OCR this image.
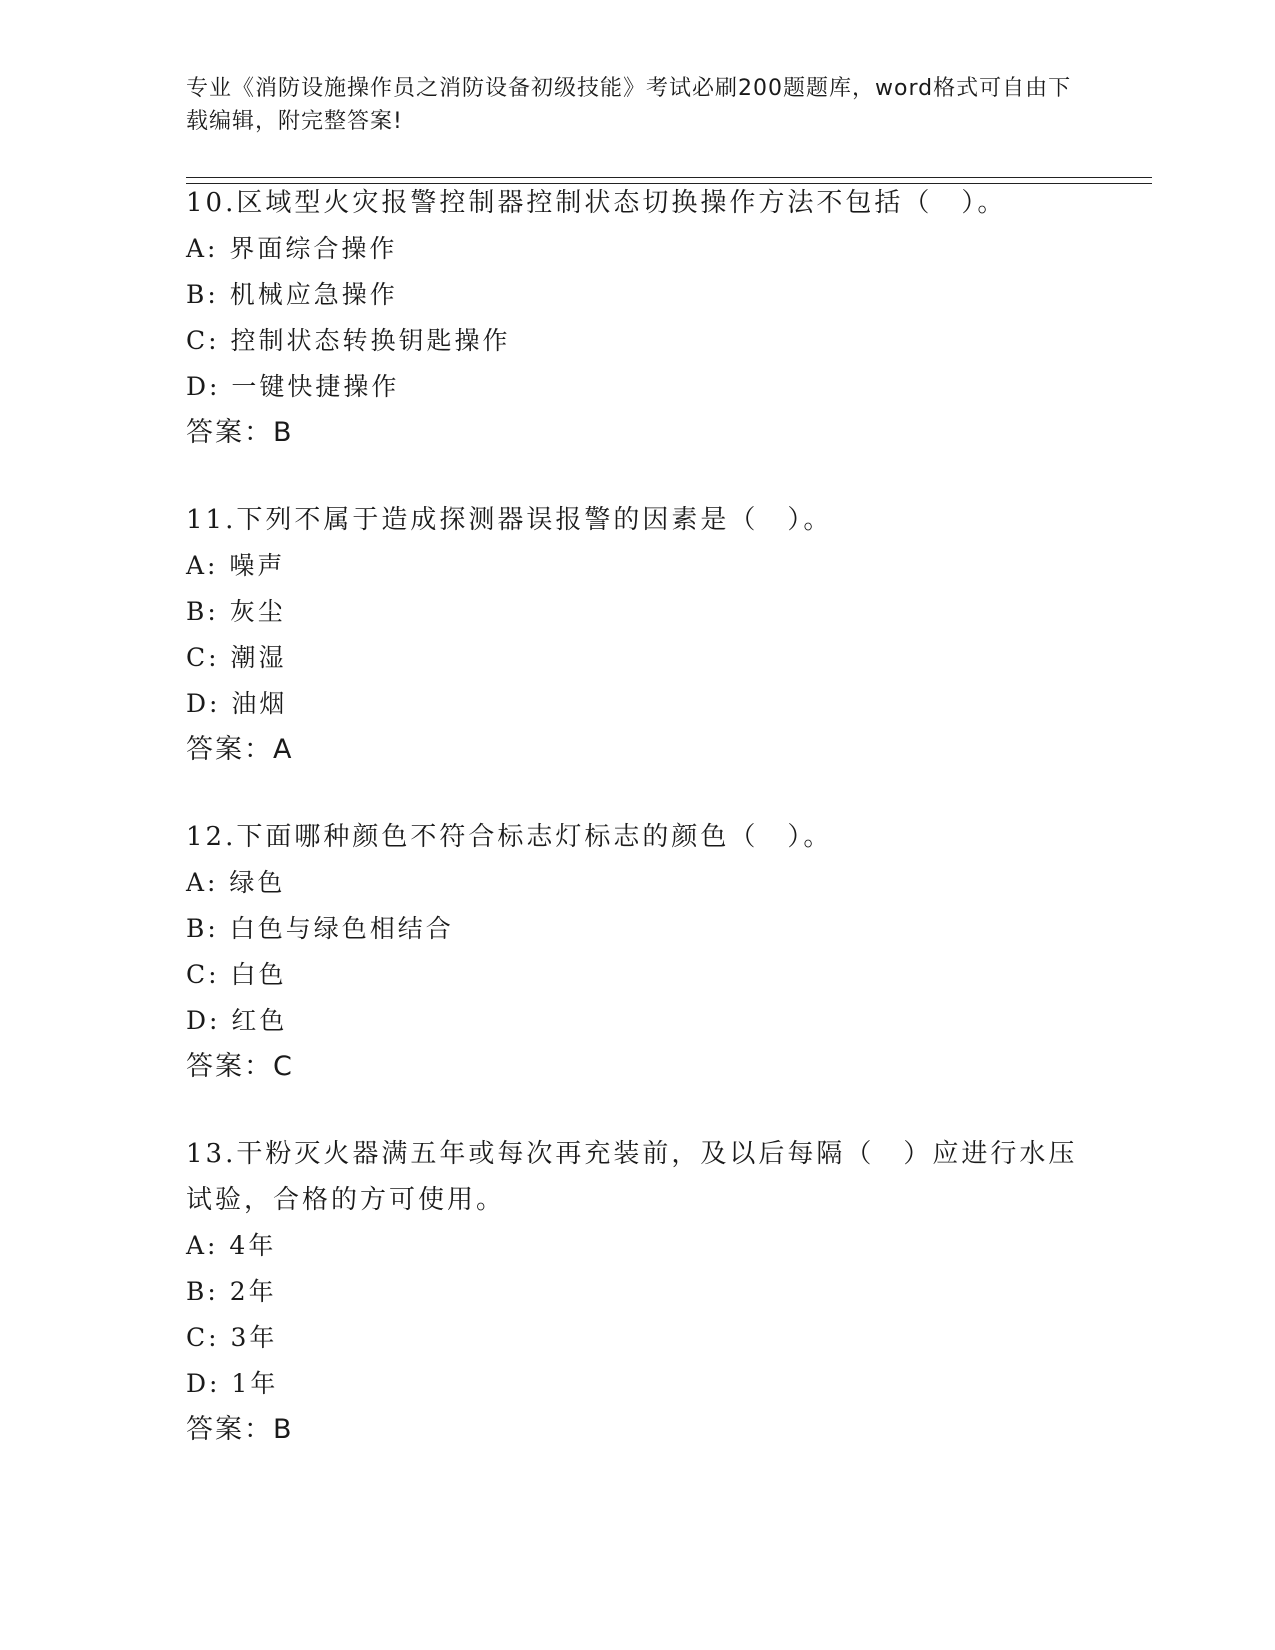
专业《消防设施操作员之消防设备初级技能》考试必刷200题题库，word格式可自由下载编辑，附完整答案!

10.区域型火灾报警控制器控制状态切换操作方法不包括（　）。

A: 界面综合操作

B: 机械应急操作

C: 控制状态转换钥匙操作

D: 一键快捷操作

答案：B

11.下列不属于造成探测器误报警的因素是（　）。

A: 噪声

B: 灰尘

C: 潮湿

D: 油烟

答案：A

12.下面哪种颜色不符合标志灯标志的颜色（　）。

A: 绿色

B: 白色与绿色相结合

C: 白色

D: 红色

答案：C

13.干粉灭火器满五年或每次再充装前，及以后每隔（　）应进行水压试验，合格的方可使用。

A: 4年

B: 2年

C: 3年

D: 1年

答案：B
